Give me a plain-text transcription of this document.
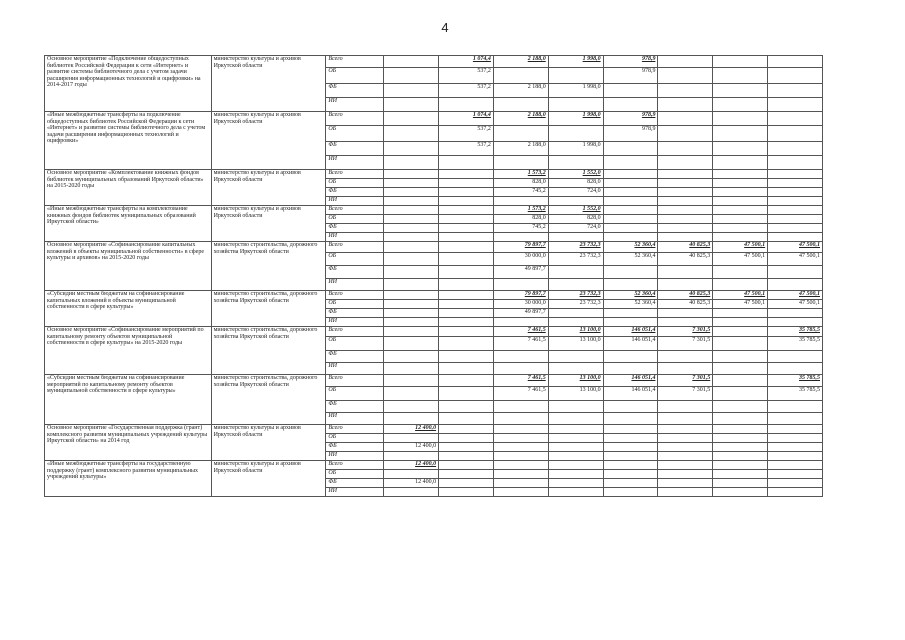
4
Основное мероприятие «Подключение общедоступных библиотек Российской Федерации к сети «Интернет» и развитие системы библиотечного дела с учетом задачи расширения информационных технологий и оцифровки» на 2014-2017 годы	министерство культуры и архивов Иркутской области	Всего		1 074,4	2 188,0	1 998,0	978,9			
		ОБ		537,2			978,9			
		ФБ		537,2	2 188,0	1 998,0				
		ИИ								
«Иные межбюджетные трансферты на подключение общедоступных библиотек Российской Федерации к сети «Интернет» и развитие системы библиотечного дела с учетом задачи расширения информационных технологий и оцифровки»	министерство культуры и архивов Иркутской области	Всего		1 074,4	2 188,0	1 998,0	978,9			
		ОБ		537,2			978,9			
		ФБ		537,2	2 188,0	1 998,0				
		ИИ								
Основное мероприятие «Комплектование книжных фондов библиотек муниципальных образований Иркутской области» на 2015-2020 годы	министерство культуры и архивов Иркутской области	Всего			1 573,2	1 552,0				
		ОБ			828,0	828,0				
		ФБ			745,2	724,0				
		ИИ								
«Иные межбюджетные трансферты на комплектование книжных фондов библиотек муниципальных образований Иркутской области»	министерство культуры и архивов Иркутской области	Всего			1 573,2	1 552,0				
		ОБ			828,0	828,0				
		ФБ			745,2	724,0				
		ИИ								
Основное мероприятие «Софинансирование капитальных вложений в объекты муниципальной собственности» в сфере культуры и архивов» на 2015-2020 годы	министерство строительства, дорожного хозяйства Иркутской области	Всего			79 897,7	23 732,3	52 360,4	40 825,3	47 500,1	47 500,1
		ОБ			30 000,0	23 732,3	52 360,4	40 825,3	47 500,1	47 500,1
		ФБ			49 897,7					
		ИИ								
«Субсидии местным бюджетам на софинансирование капитальных вложений в объекты муниципальной собственности в сфере культуры»	министерство строительства, дорожного хозяйства Иркутской области	Всего			79 897,7	23 732,3	52 360,4	40 825,3	47 500,1	47 500,1
		ОБ			30 000,0	23 732,3	52 360,4	40 825,3	47 500,1	47 500,1
		ФБ			49 897,7					
		ИИ								
Основное мероприятие «Софинансирование мероприятий по капитальному ремонту объектов муниципальной собственности в сфере культуры» на 2015-2020 годы	министерство строительства, дорожного хозяйства Иркутской области	Всего			7 461,5	13 100,0	146 051,4	7 301,5		35 785,5
		ОБ			7 461,5	13 100,0	146 051,4	7 301,5		35 785,5
		ФБ								
		ИИ								
«Субсидии местным бюджетам на софинансирование мероприятий по капитальному ремонту объектов муниципальной собственности в сфере культуры»	министерство строительства, дорожного хозяйства Иркутской области	Всего			7 461,5	13 100,0	146 051,4	7 301,5		35 785,5
		ОБ			7 461,5	13 100,0	146 051,4	7 301,5		35 785,5
		ФБ								
		ИИ								
Основное мероприятие «Государственная поддержка (грант) комплексного развития муниципальных учреждений культуры Иркутской области» на 2014 год	министерство культуры и архивов Иркутской области	Всего	12 400,0							
		ОБ								
		ФБ	12 400,0							
		ИИ								
«Иные межбюджетные трансферты на государственную поддержку (грант) комплексного развития муниципальных учреждений культуры»	министерство культуры и архивов Иркутской области	Всего	12 400,0							
		ОБ								
		ФБ	12 400,0							
		ИИ								
